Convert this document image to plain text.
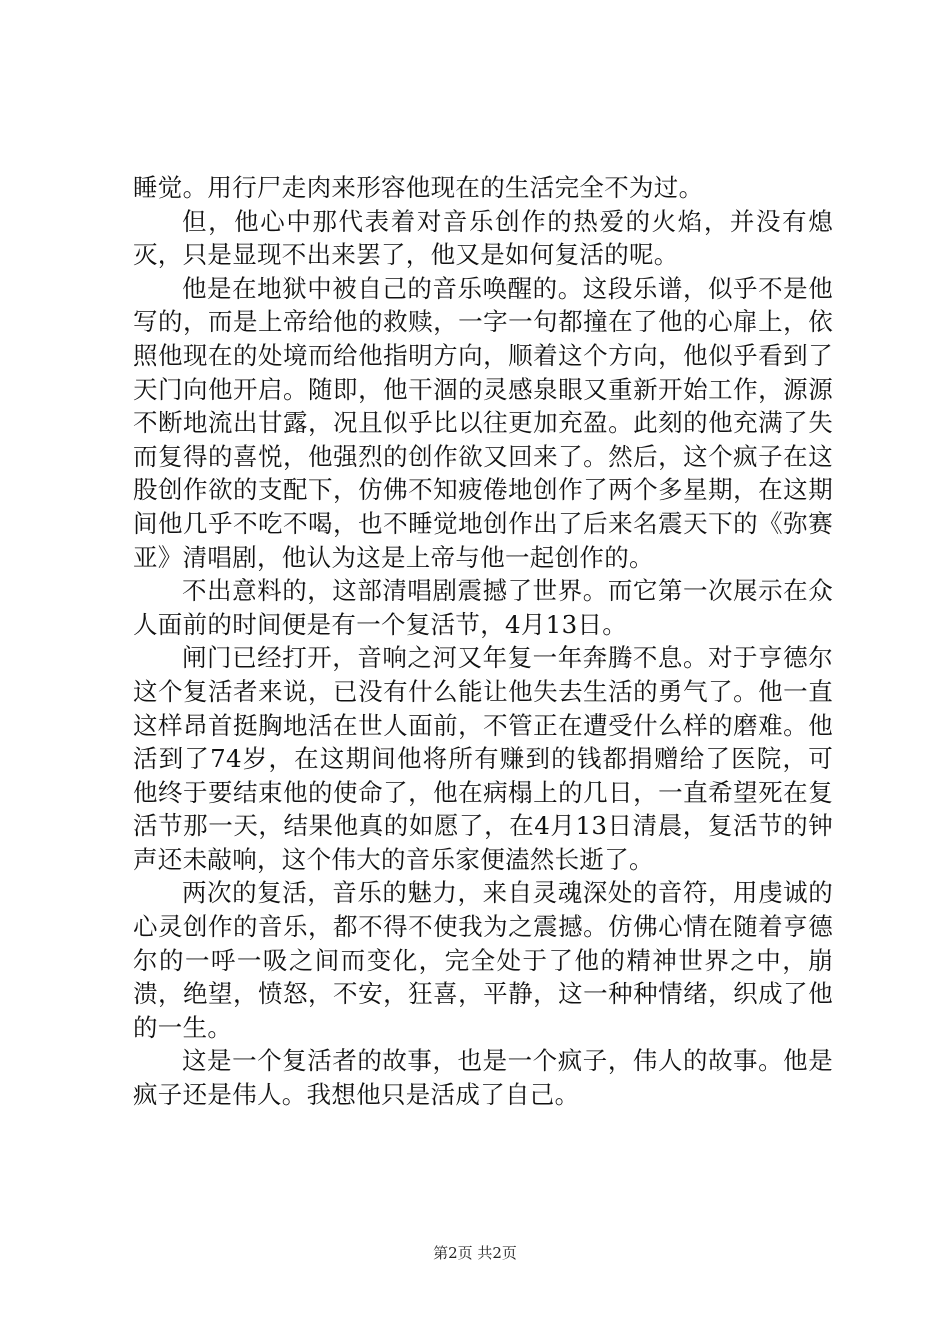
睡觉。用行尸走肉来形容他现在的生活完全不为过。

但，他心中那代表着对音乐创作的热爱的火焰，并没有熄灭，只是显现不出来罢了，他又是如何复活的呢。

他是在地狱中被自己的音乐唤醒的。这段乐谱，似乎不是他写的，而是上帝给他的救赎，一字一句都撞在了他的心扉上，依照他现在的处境而给他指明方向，顺着这个方向，他似乎看到了天门向他开启。随即，他干涸的灵感泉眼又重新开始工作，源源不断地流出甘露，况且似乎比以往更加充盈。此刻的他充满了失而复得的喜悦，他强烈的创作欲又回来了。然后，这个疯子在这股创作欲的支配下，仿佛不知疲倦地创作了两个多星期，在这期间他几乎不吃不喝，也不睡觉地创作出了后来名震天下的《弥赛亚》清唱剧，他认为这是上帝与他一起创作的。

不出意料的，这部清唱剧震撼了世界。而它第一次展示在众人面前的时间便是有一个复活节，4月13日。

闸门已经打开，音响之河又年复一年奔腾不息。对于亨德尔这个复活者来说，已没有什么能让他失去生活的勇气了。他一直这样昂首挺胸地活在世人面前，不管正在遭受什么样的磨难。他活到了74岁，在这期间他将所有赚到的钱都捐赠给了医院，可他终于要结束他的使命了，他在病榻上的几日，一直希望死在复活节那一天，结果他真的如愿了，在4月13日清晨，复活节的钟声还未敲响，这个伟大的音乐家便溘然长逝了。

两次的复活，音乐的魅力，来自灵魂深处的音符，用虔诚的心灵创作的音乐，都不得不使我为之震撼。仿佛心情在随着亨德尔的一呼一吸之间而变化，完全处于了他的精神世界之中，崩溃，绝望，愤怒，不安，狂喜，平静，这一种种情绪，织成了他的一生。

这是一个复活者的故事，也是一个疯子，伟人的故事。他是疯子还是伟人。我想他只是活成了自己。

第2页 共2页
